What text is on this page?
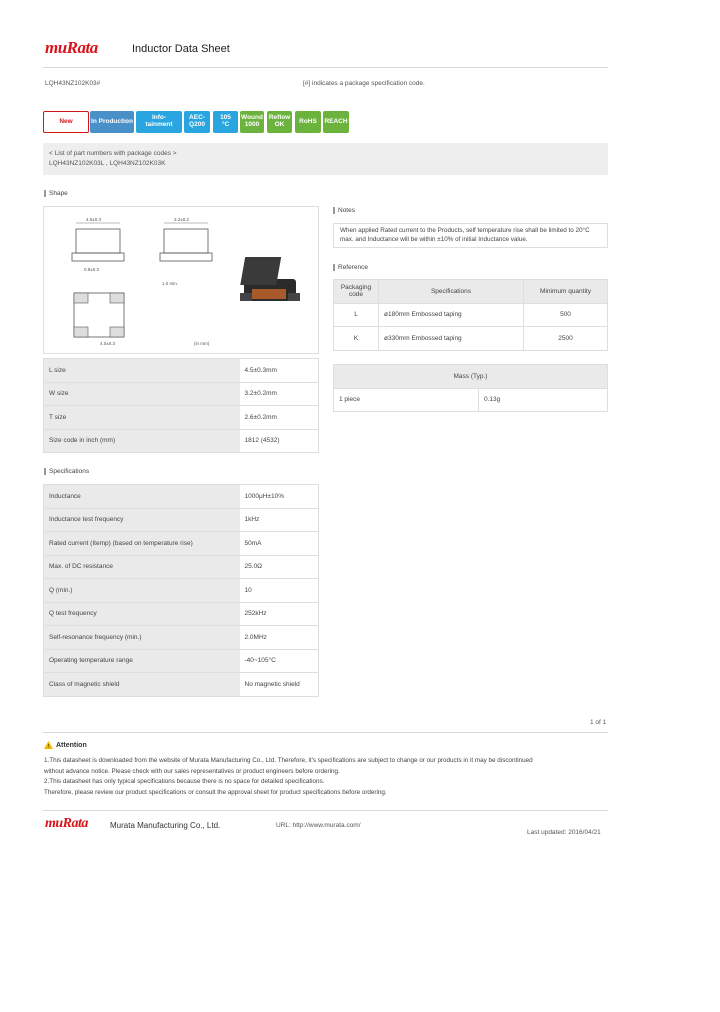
muRata	Inductor Data Sheet
LQH43NZ102K03#	[#] indicates a package specification code.
New	In Production	Info-
tainment
AEC-
Q200
105
°C
Wound
1000
Reflow
OK	RoHS	REACH
< List of part numbers with package codes >
LQH43NZ102K03L , LQH43NZ102K03K
Shape
4.5±0.3
0.9±0.3
3.2±0.2
1.0 min.
4.0±0.3	(in mm)
L size	4.5±0.3mm
W size	3.2±0.2mm
T size	2.6±0.2mm
Size code in inch (mm)	1812 (4532)
Specifications
Inductance	1000μH±10%
Inductance test frequency	1kHz
Rated current (Itemp) (based on temperature rise)	50mA
Max. of DC resistance	25.0Ω
Q (min.)	10
Q test frequency	252kHz
Self-resonance frequency (min.)	2.0MHz
Operating temperature range	-40~105°C
Class of magnetic shield	No magnetic shield
Notes
When applied Rated current to the Products, self temperature rise shall be limited to 20°C max. and Inductance will be within ±10% of initial Inductance value.
Reference
Packaging code	Specifications	Minimum quantity
L	ø180mm Embossed taping	500
K	ø330mm Embossed taping	2500
Mass (Typ.)
1 piece	0.13g
1 of 1
! Attention
1.This datasheet is downloaded from the website of Murata Manufacturing Co., Ltd. Therefore, it's specifications are subject to change or our products in it may be discontinued
without advance notice. Please check with our sales representatives or product engineers before ordering.
2.This datasheet has only typical specifications because there is no space for detailed specifications.
Therefore, please review our product specifications or consult the approval sheet for product specifications before ordering.
muRata	Murata Manufacturing Co., Ltd.	URL: http://www.murata.com/
Last updated: 2016/04/21
